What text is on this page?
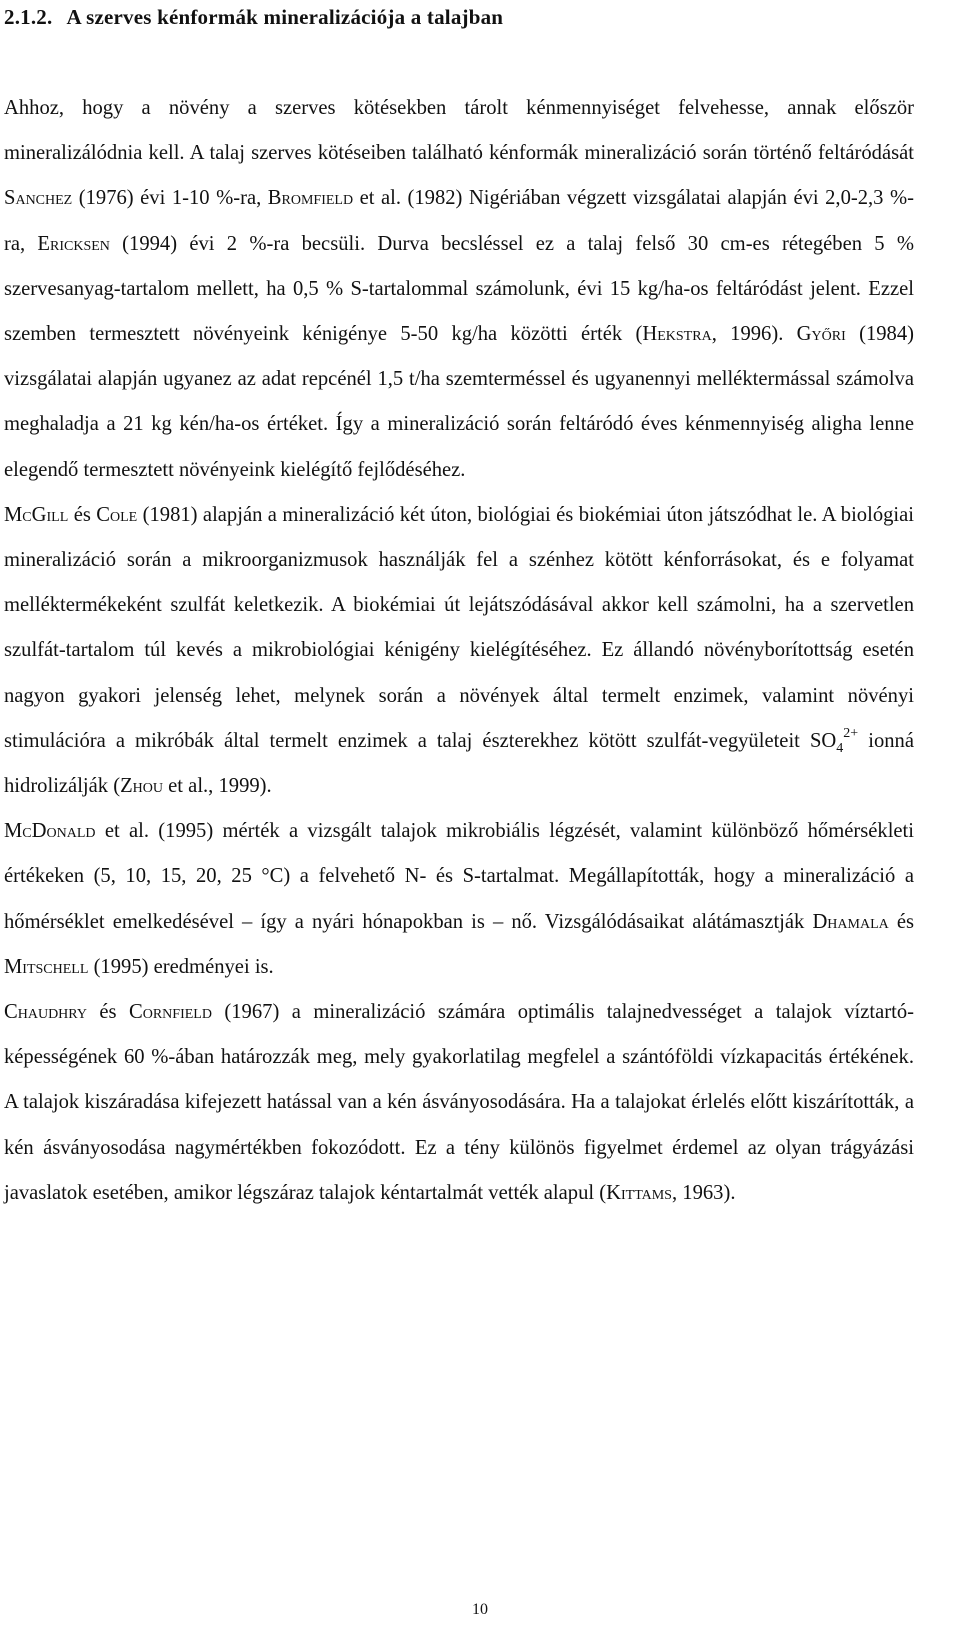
2.1.2. A szerves kénformák mineralizációja a talajban

Ahhoz, hogy a növény a szerves kötésekben tárolt kénmennyiséget felvehesse, annak először mineralizálódnia kell. A talaj szerves kötéseiben található kénformák mineralizáció során történő feltáródását Sanchez (1976) évi 1-10 %-ra, Bromfield et al. (1982) Nigériában végzett vizsgálatai alapján évi 2,0-2,3 %-ra, Ericksen (1994) évi 2 %-ra becsüli. Durva becsléssel ez a talaj felső 30 cm-es rétegében 5 % szervesanyag-tartalom mellett, ha 0,5 % S-tartalommal számolunk, évi 15 kg/ha-os feltáródást jelent. Ezzel szemben termesztett növényeink kénigénye 5-50 kg/ha közötti érték (Hekstra, 1996). Győri (1984) vizsgálatai alapján ugyanez az adat repcénél 1,5 t/ha szemterméssel és ugyanennyi melléktermással számolva meghaladja a 21 kg kén/ha-os értéket. Így a mineralizáció során feltáródó éves kénmennyiség aligha lenne elegendő termesztett növényeink kielégítő fejlődéséhez.

McGill és Cole (1981) alapján a mineralizáció két úton, biológiai és biokémiai úton játszódhat le. A biológiai mineralizáció során a mikroorganizmusok használják fel a szénhez kötött kénforrásokat, és e folyamat melléktermékeként szulfát keletkezik. A biokémiai út lejátszódásával akkor kell számolni, ha a szervetlen szulfát-tartalom túl kevés a mikrobiológiai kénigény kielégítéséhez. Ez állandó növényborítottság esetén nagyon gyakori jelenség lehet, melynek során a növények által termelt enzimek, valamint növényi stimulációra a mikróbák által termelt enzimek a talaj észterekhez kötött szulfát-vegyületeit $SO_4^{2+}$ ionná hidrolizálják (Zhou et al., 1999).

McDonald et al. (1995) mérték a vizsgált talajok mikrobiális légzését, valamint különböző hőmérsékleti értékeken (5, 10, 15, 20, 25 °C) a felvehető N- és S-tartalmat. Megállapították, hogy a mineralizáció a hőmérséklet emelkedésével – így a nyári hónapokban is – nő. Vizsgálódásaikat alátámasztják Dhamala és Mitschell (1995) eredményei is.

Chaudhry és Cornfield (1967) a mineralizáció számára optimális talajnedvességet a talajok víztartó-képességének 60 %-ában határozzák meg, mely gyakorlatilag megfelel a szántóföldi vízkapacitás értékének. A talajok kiszáradása kifejezett hatással van a kén ásványosodására. Ha a talajokat érlelés előtt kiszárították, a kén ásványosodása nagymértékben fokozódott. Ez a tény különös figyelmet érdemel az olyan trágyázási javaslatok esetében, amikor légszáraz talajok kéntartalmát vették alapul (Kittams, 1963).

10
